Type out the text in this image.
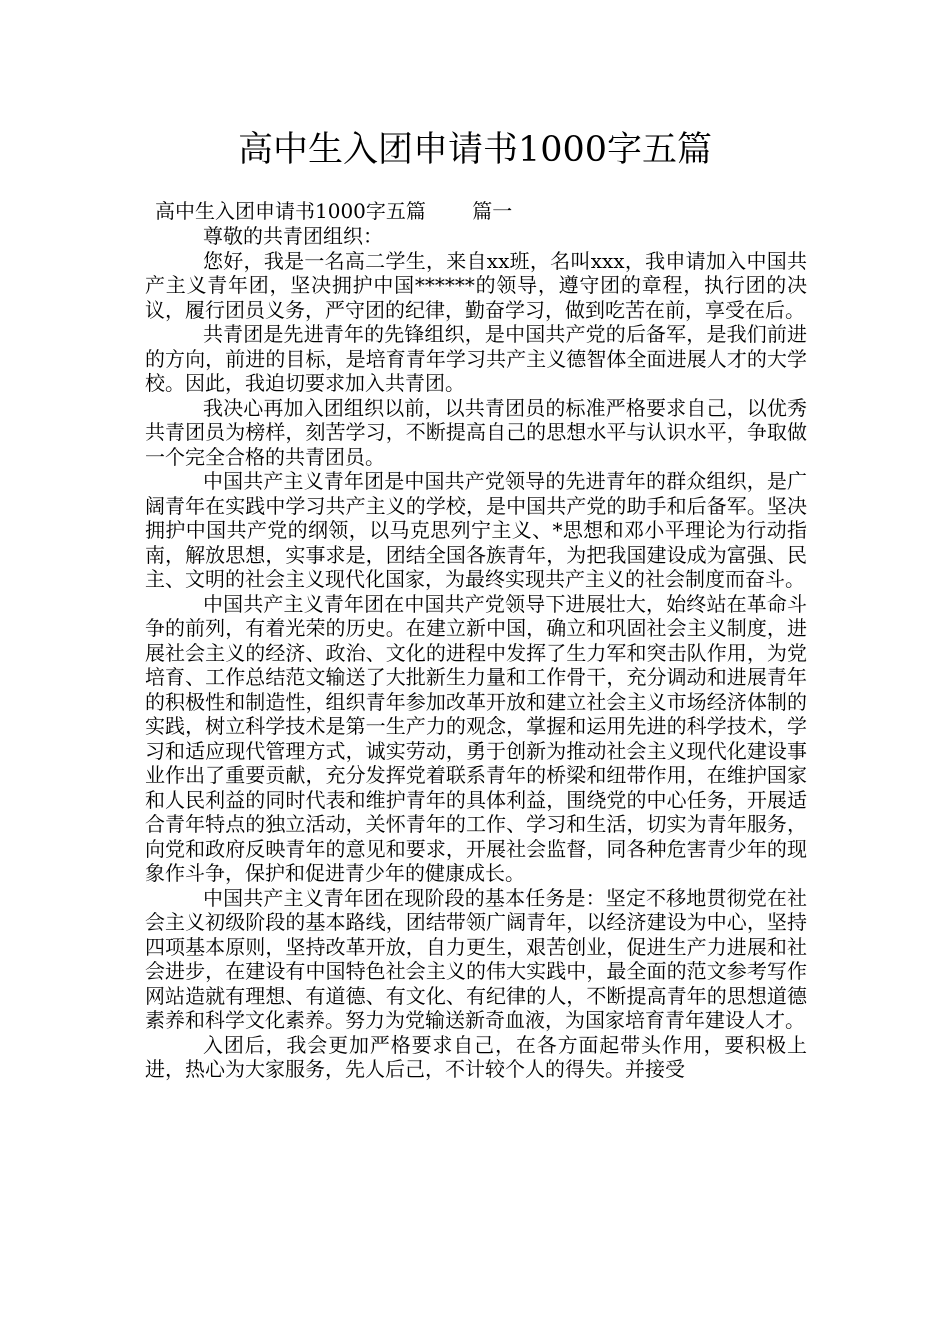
高中生入团申请书1000字五篇

高中生入团申请书1000字五篇　　 篇一

尊敬的共青团组织：

您好，我是一名高二学生，来自xx班，名叫xxx，我申请加入中国共产主义青年团，坚决拥护中国******的领导，遵守团的章程，执行团的决议，履行团员义务，严守团的纪律，勤奋学习，做到吃苦在前，享受在后。

共青团是先进青年的先锋组织，是中国共产党的后备军，是我们前进的方向，前进的目标，是培育青年学习共产主义德智体全面进展人才的大学校。因此，我迫切要求加入共青团。

我决心再加入团组织以前，以共青团员的标准严格要求自己，以优秀共青团员为榜样，刻苦学习，不断提高自己的思想水平与认识水平，争取做一个完全合格的共青团员。

中国共产主义青年团是中国共产党领导的先进青年的群众组织，是广阔青年在实践中学习共产主义的学校，是中国共产党的助手和后备军。坚决拥护中国共产党的纲领，以马克思列宁主义、*思想和邓小平理论为行动指南，解放思想，实事求是，团结全国各族青年，为把我国建设成为富强、民主、文明的社会主义现代化国家，为最终实现共产主义的社会制度而奋斗。

中国共产主义青年团在中国共产党领导下进展壮大，始终站在革命斗争的前列，有着光荣的历史。在建立新中国，确立和巩固社会主义制度，进展社会主义的经济、政治、文化的进程中发挥了生力军和突击队作用，为党培育、工作总结范文输送了大批新生力量和工作骨干，充分调动和进展青年的积极性和制造性，组织青年参加改革开放和建立社会主义市场经济体制的实践，树立科学技术是第一生产力的观念，掌握和运用先进的科学技术，学习和适应现代管理方式，诚实劳动，勇于创新为推动社会主义现代化建设事业作出了重要贡献，充分发挥党着联系青年的桥梁和纽带作用，在维护国家和人民利益的同时代表和维护青年的具体利益，围绕党的中心任务，开展适合青年特点的独立活动，关怀青年的工作、学习和生活，切实为青年服务，向党和政府反映青年的意见和要求，开展社会监督，同各种危害青少年的现象作斗争，保护和促进青少年的健康成长。

中国共产主义青年团在现阶段的基本任务是：坚定不移地贯彻党在社会主义初级阶段的基本路线，团结带领广阔青年，以经济建设为中心，坚持四项基本原则，坚持改革开放，自力更生，艰苦创业，促进生产力进展和社会进步，在建设有中国特色社会主义的伟大实践中，最全面的范文参考写作网站造就有理想、有道德、有文化、有纪律的人，不断提高青年的思想道德素养和科学文化素养。努力为党输送新奇血液，为国家培育青年建设人才。

入团后，我会更加严格要求自己，在各方面起带头作用，要积极上进，热心为大家服务，先人后己，不计较个人的得失。并接受
